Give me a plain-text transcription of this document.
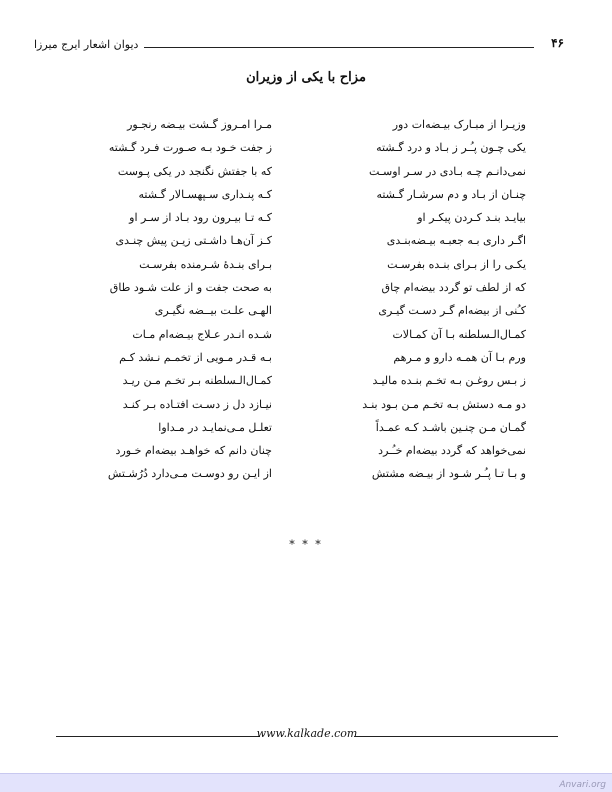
دیوان اشعار ایرج میرزا	۴۶
مزاح با یکی از وزیران
وزیـرا از مبـارک بیـضه‌ات دور
مـرا امـروز گـشت بیـضه رنجـور
یکی چـون پـُـر ز بـاد و درد گـشته
ز جفت خـود بـه صـورت فـرد گـشته
نمی‌دانـم چـه بـادی در سـر اوسـت
که با جفتش نگنجد در یکی پـوست
چنـان از بـاد و دم سرشـار گـشته
کـه پنـداری سـپهسـالار گـشته
بیایـد بنـد کـردن پیکـر او
کـه تـا بیـرون رود بـاد از سـر او
اگـر داری بـه جعبـه بیـضه‌بنـدی
کـز آن‌هـا داشـتی زیـن پیش چنـدی
یکـی را از بـرای بنـده بفرسـت
بـرای بنـدهٔ شـرمنده بفرسـت
که از لطف تو گردد بیضه‌ام چاق
به صحت جفت و از علت شـود طاق
کـُنی از بیضه‌ام گـر دسـت گیـری
الهـی علـت بیــضه نگیـری
کمـال‌الـسلطنه بـا آن کمـالات
شـده انـدر عـلاج بیـضه‌ام مـات
ورم بـا آن همـه دارو و مـرهم
بـه قـدر مـویی از تخمـم نـشد کـم
ز بـس روغـن بـه تخـم بنـده مالیـد
کمـال‌الـسلطنه بـر تخـم مـن ریـد
دو مـه دستش بـه تخـم مـن بـود بنـد
نیـازد دل ز دسـت افتـاده بـر کنـد
گمـان مـن چنـین باشـد کـه عمـداً
تعلـل مـی‌نمایـد در مـداوا
نمی‌خواهد که گردد بیضه‌ام خـُـرد
چنان دانم که خواهـد بیضه‌ام خـورد
و بـا تـا پـُـر شـود از بیـضه مشتش
از ایـن رو دوسـت مـی‌دارد دُرُشـتش
* * *
www.kalkade.com
Anvari.org
